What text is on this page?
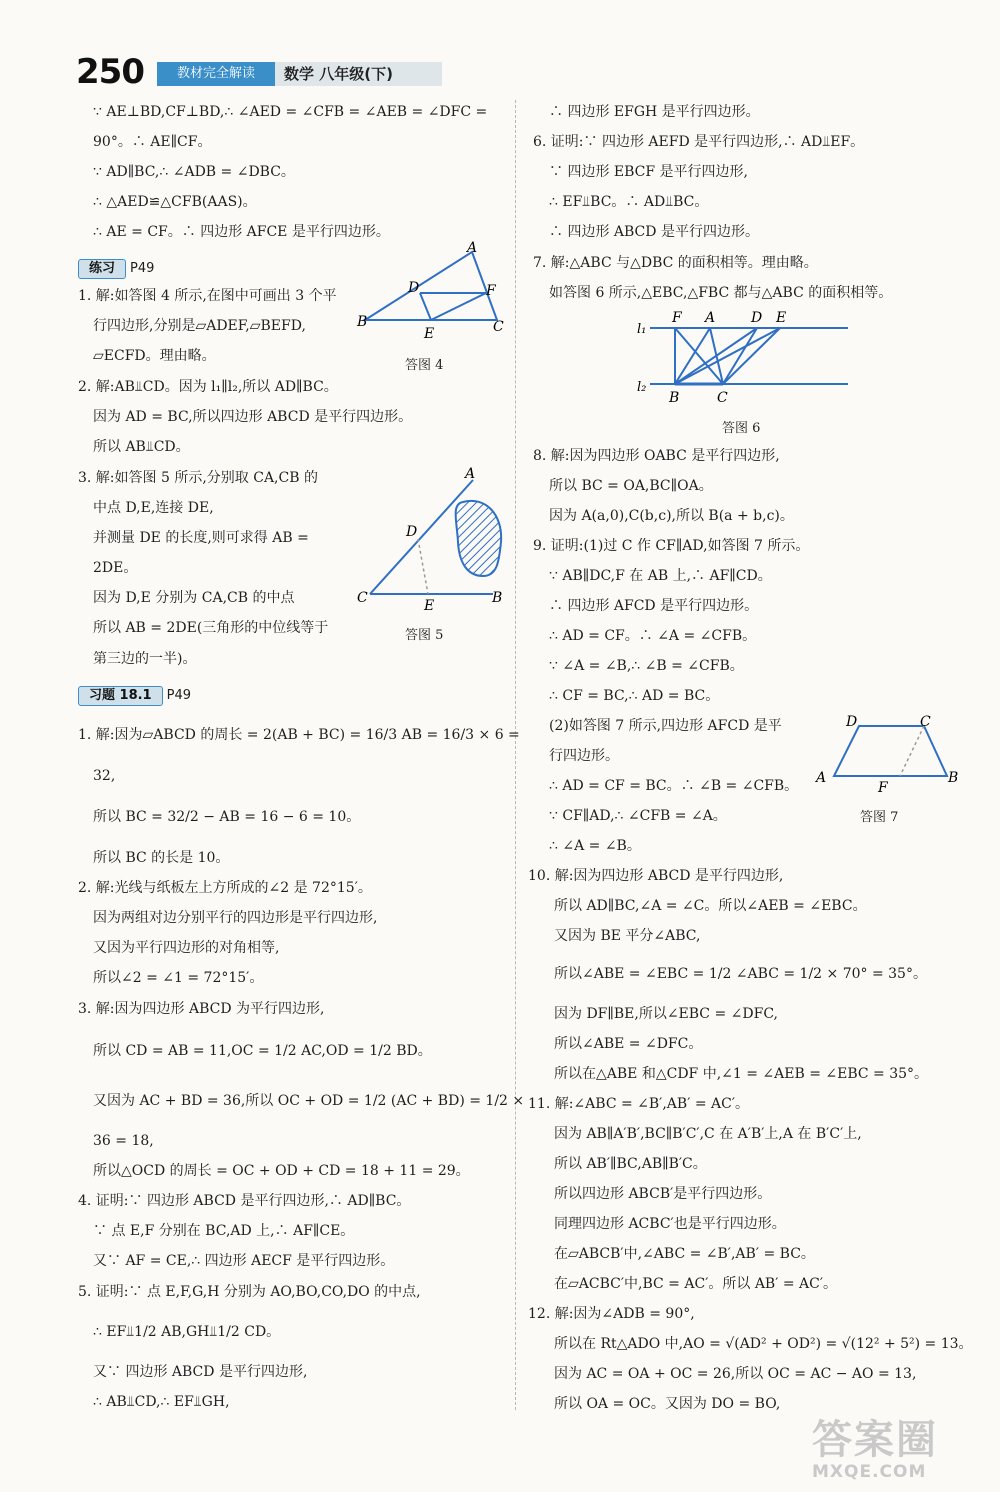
250	教材完全解读	数学 八年级(下)
∵ AE⊥BD,CF⊥BD,∴ ∠AED = ∠CFB = ∠AEB = ∠DFC =
90°。∴ AE∥CF。
∵ AD∥BC,∴ ∠ADB = ∠DBC。
∴ △AED≌△CFB(AAS)。
∴ AE = CF。∴ 四边形 AFCE 是平行四边形。
1. 解:如答图 4 所示,在图中可画出 3 个平
行四边形,分别是▱ADEF,▱BEFD,
▱ECFD。理由略。
2. 解:AB⫫CD。因为 l₁∥l₂,所以 AD∥BC。
因为 AD = BC,所以四边形 ABCD 是平行四边形。
所以 AB⫫CD。
3. 解:如答图 5 所示,分别取 CA,CB 的
中点 D,E,连接 DE,
并测量 DE 的长度,则可求得 AB =
2DE。
因为 D,E 分别为 CA,CB 的中点
所以 AB = 2DE(三角形的中位线等于
第三边的一半)。
1. 解:因为▱ABCD 的周长 = 2(AB + BC) = 16/3 AB = 16/3 × 6 =
32,
所以 BC = 32/2 − AB = 16 − 6 = 10。
所以 BC 的长是 10。
2. 解:光线与纸板左上方所成的∠2 是 72°15′。
因为两组对边分别平行的四边形是平行四边形,
又因为平行四边形的对角相等,
所以∠2 = ∠1 = 72°15′。
3. 解:因为四边形 ABCD 为平行四边形,
所以 CD = AB = 11,OC = 1/2 AC,OD = 1/2 BD。
又因为 AC + BD = 36,所以 OC + OD = 1/2 (AC + BD) = 1/2 ×
36 = 18,
所以△OCD 的周长 = OC + OD + CD = 18 + 11 = 29。
4. 证明:∵ 四边形 ABCD 是平行四边形,∴ AD∥BC。
∵ 点 E,F 分别在 BC,AD 上,∴ AF∥CE。
又∵ AF = CE,∴ 四边形 AECF 是平行四边形。
5. 证明:∵ 点 E,F,G,H 分别为 AO,BO,CO,DO 的中点,
∴ EF⫫1/2 AB,GH⫫1/2 CD。
又∵ 四边形 ABCD 是平行四边形,
∴ AB⫫CD,∴ EF⫫GH,
∴ 四边形 EFGH 是平行四边形。
6. 证明:∵ 四边形 AEFD 是平行四边形,∴ AD⫫EF。
∵ 四边形 EBCF 是平行四边形,
∴ EF⫫BC。∴ AD⫫BC。
∴ 四边形 ABCD 是平行四边形。
7. 解:△ABC 与△DBC 的面积相等。理由略。
如答图 6 所示,△EBC,△FBC 都与△ABC 的面积相等。
8. 解:因为四边形 OABC 是平行四边形,
所以 BC = OA,BC∥OA。
因为 A(a,0),C(b,c),所以 B(a + b,c)。
9. 证明:(1)过 C 作 CF∥AD,如答图 7 所示。
∵ AB∥DC,F 在 AB 上,∴ AF∥CD。
∴ 四边形 AFCD 是平行四边形。
∴ AD = CF。∴ ∠A = ∠CFB。
∵ ∠A = ∠B,∴ ∠B = ∠CFB。
∴ CF = BC,∴ AD = BC。
(2)如答图 7 所示,四边形 AFCD 是平
行四边形。
∴ AD = CF = BC。∴ ∠B = ∠CFB。
∵ CF∥AD,∴ ∠CFB = ∠A。
∴ ∠A = ∠B。
10. 解:因为四边形 ABCD 是平行四边形,
所以 AD∥BC,∠A = ∠C。所以∠AEB = ∠EBC。
又因为 BE 平分∠ABC,
所以∠ABE = ∠EBC = 1/2 ∠ABC = 1/2 × 70° = 35°。
因为 DF∥BE,所以∠EBC = ∠DFC,
所以∠ABE = ∠DFC。
所以在△ABE 和△CDF 中,∠1 = ∠AEB = ∠EBC = 35°。
11. 解:∠ABC = ∠B′,AB′ = AC′。
因为 AB∥A′B′,BC∥B′C′,C 在 A′B′上,A 在 B′C′上,
所以 AB′∥BC,AB∥B′C。
所以四边形 ABCB′是平行四边形。
同理四边形 ACBC′也是平行四边形。
在▱ABCB′中,∠ABC = ∠B′,AB′ = BC。
在▱ACBC′中,BC = AC′。所以 AB′ = AC′。
12. 解:因为∠ADB = 90°,
所以在 Rt△ADO 中,AO = √(AD² + OD²) = √(12² + 5²) = 13。
因为 AC = OA + OC = 26,所以 OC = AC − AO = 13,
所以 OA = OC。又因为 DO = BO,
A
D	F
B
E	C
答图 4
A
D
C	E	B
答图 5
练习 P49
习题 18.1 P49
l₁
F A	D E
l₂
B	C
答图 6
D	C
A
F
B
答图 7
答案圈
MXQE.COM
